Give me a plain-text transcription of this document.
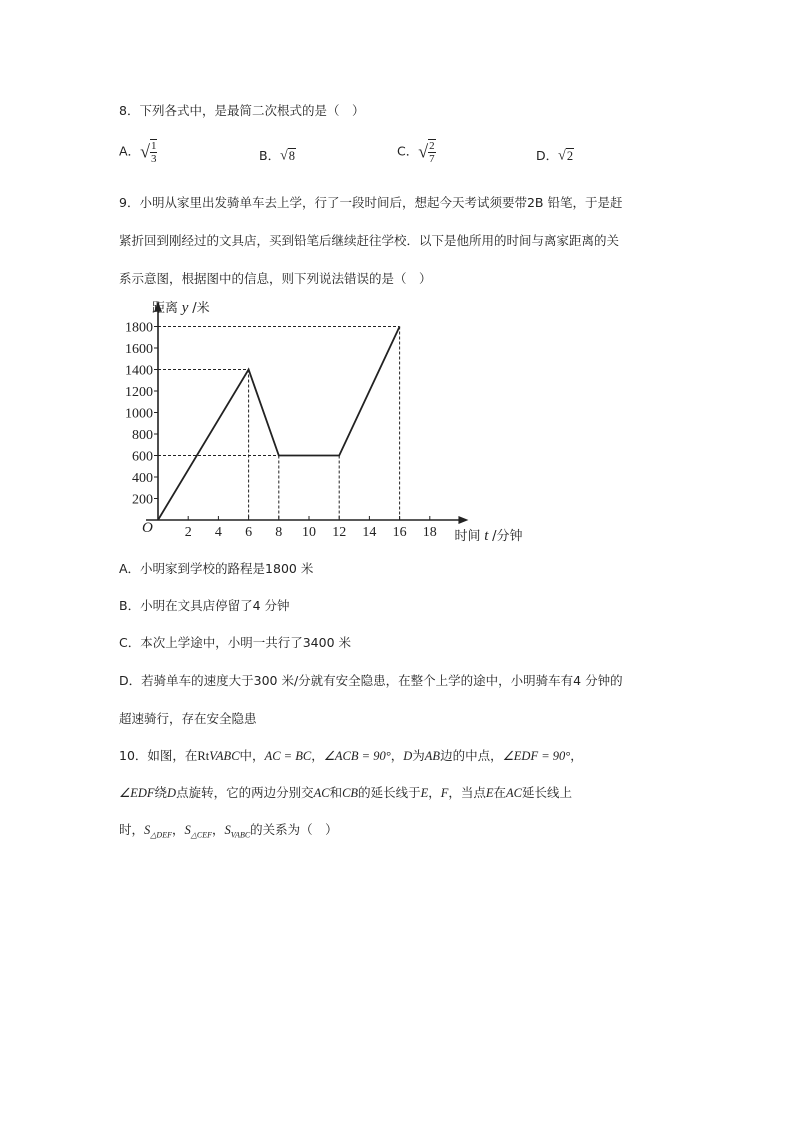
8．下列各式中，是最简二次根式的是（　）
A．√ $\frac{1}{3}$	B．√8	C．√ $\frac{2}{7}$	D．√2
9．小明从家里出发骑单车去上学，行了一段时间后，想起今天考试须要带2B 铅笔，于是赶
紧折回到刚经过的文具店，买到铅笔后继续赶往学校．以下是他所用的时间与离家距离的关
系示意图，根据图中的信息，则下列说法错误的是（　）
200
400
600
800
1000
1200
1400
1600
1800
2 4 6 8 10 12 14 16 18
O
距离 y /米
时间 t /分钟
A．小明家到学校的路程是1800 米
B．小明在文具店停留了4 分钟
C．本次上学途中，小明一共行了3400 米
D．若骑单车的速度大于300 米/分就有安全隐患，在整个上学的途中，小明骑车有4 分钟的
超速骑行，存在安全隐患
10．如图，在RtVABC中，AC = BC，∠ACB = 90°，D为AB边的中点，∠EDF = 90°，
∠EDF绕D点旋转，它的两边分别交AC和CB的延长线于E，F，当点E在AC延长线上
时，$S_{\triangle DEF}$，$S_{\triangle CEF}$，$S_{VABC}$的关系为（　）
